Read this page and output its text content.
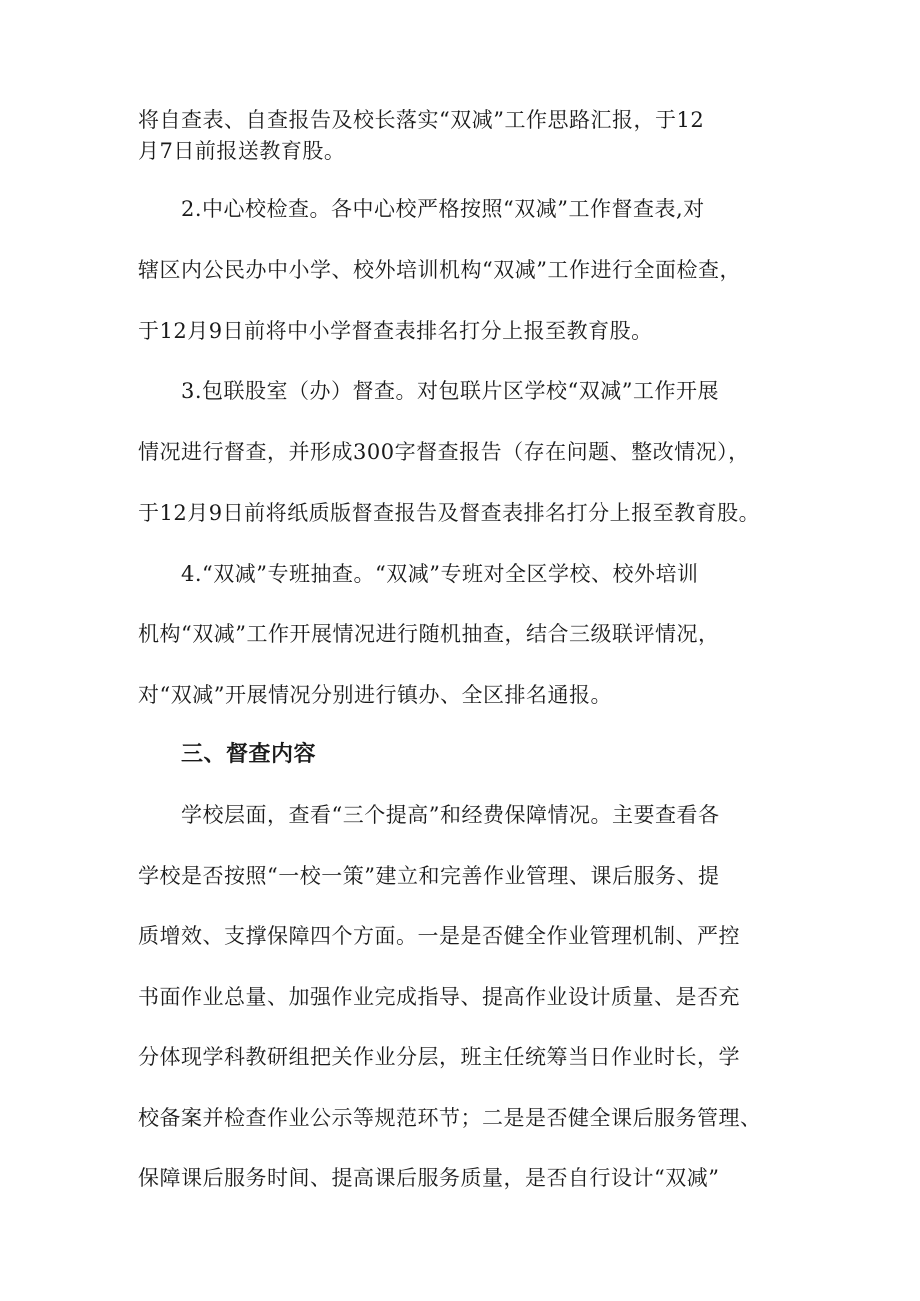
将自查表、自查报告及校长落实“双减”工作思路汇报，于12
月7日前报送教育股。
2.中心校检查。各中心校严格按照“双减”工作督查表,对
辖区内公民办中小学、校外培训机构“双减”工作进行全面检查，
于12月9日前将中小学督查表排名打分上报至教育股。
3.包联股室（办）督查。对包联片区学校“双减”工作开展
情况进行督查，并形成300字督查报告（存在问题、整改情况），
于12月9日前将纸质版督查报告及督查表排名打分上报至教育股。
4.“双减”专班抽查。“双减”专班对全区学校、校外培训
机构“双减”工作开展情况进行随机抽查，结合三级联评情况，
对“双减”开展情况分别进行镇办、全区排名通报。
三、督查内容
学校层面，查看“三个提高”和经费保障情况。主要查看各
学校是否按照“一校一策”建立和完善作业管理、课后服务、提
质增效、支撑保障四个方面。一是是否健全作业管理机制、严控
书面作业总量、加强作业完成指导、提高作业设计质量、是否充
分体现学科教研组把关作业分层，班主任统筹当日作业时长，学
校备案并检查作业公示等规范环节；二是是否健全课后服务管理、
保障课后服务时间、提高课后服务质量，是否自行设计“双减”
